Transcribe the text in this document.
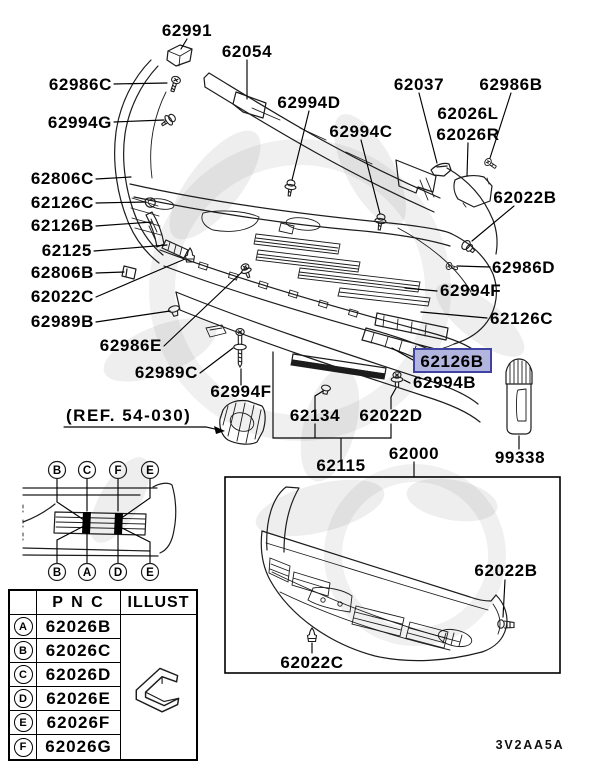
B C F E
B A D E
62126B
62991
62054
62986C
62994G
62994D
62994C
62037 62986B
62026L
62026R
62806C
62126C
62126B
62125
62806B
62022C
62989B
62986E
62989C
62022B
62986D
62994F
62126C
62994B
62994F
(REF. 54-030)	62134 62022D
62115
62000	99338
62022B
62022C
3V2AA5A
P N C	ILLUST
A	62026B
B	62026C
C	62026D
D	62026E
E	62026F
F	62026G
